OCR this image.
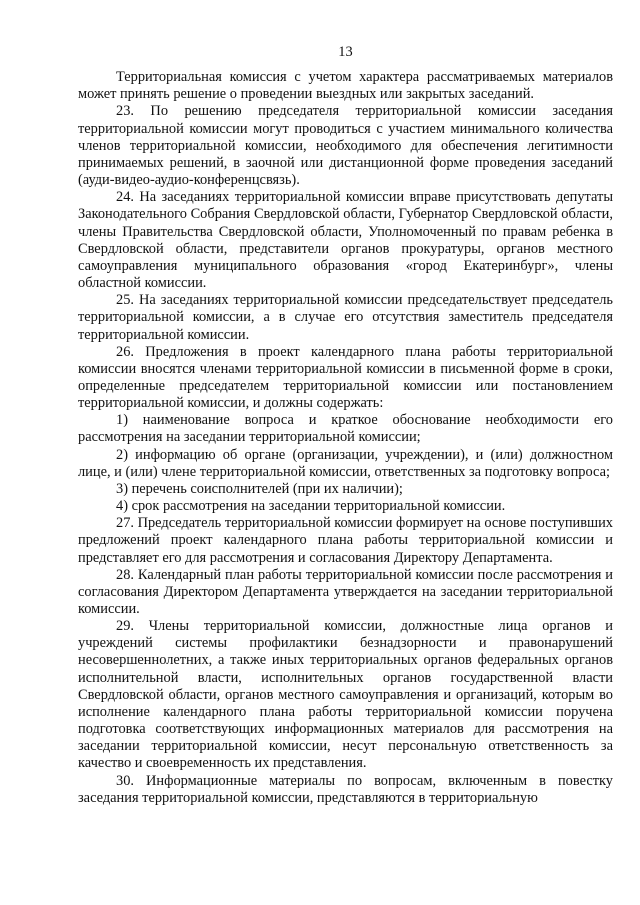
13

Территориальная комиссия с учетом характера рассматриваемых материалов может принять решение о проведении выездных или закрытых заседаний.

23. По решению председателя территориальной комиссии заседания территориальной комиссии могут проводиться с участием минимального количества членов территориальной комиссии, необходимого для обеспечения легитимности принимаемых решений, в заочной или дистанционной форме проведения заседаний (ауди-видео-аудио-конференцсвязь).

24. На заседаниях территориальной комиссии вправе присутствовать депутаты Законодательного Собрания Свердловской области, Губернатор Свердловской области, члены Правительства Свердловской области, Уполномоченный по правам ребенка в Свердловской области, представители органов прокуратуры, органов местного самоуправления муниципального образования «город Екатеринбург», члены областной комиссии.

25. На заседаниях территориальной комиссии председательствует председатель территориальной комиссии, а в случае его отсутствия заместитель председателя территориальной комиссии.

26. Предложения в проект календарного плана работы территориальной комиссии вносятся членами территориальной комиссии в письменной форме в сроки, определенные председателем территориальной комиссии или постановлением территориальной комиссии, и должны содержать:

1) наименование вопроса и краткое обоснование необходимости его рассмотрения на заседании территориальной комиссии;

2) информацию об органе (организации, учреждении), и (или) должностном лице, и (или) члене территориальной комиссии, ответственных за подготовку вопроса;

3) перечень соисполнителей (при их наличии);

4) срок рассмотрения на заседании территориальной комиссии.

27. Председатель территориальной комиссии формирует на основе поступивших предложений проект календарного плана работы территориальной комиссии и представляет его для рассмотрения и согласования Директору Департамента.

28. Календарный план работы территориальной комиссии после рассмотрения и согласования Директором Департамента утверждается на заседании территориальной комиссии.

29. Члены территориальной комиссии, должностные лица органов и учреждений системы профилактики безнадзорности и правонарушений несовершеннолетних, а также иных территориальных органов федеральных органов исполнительной власти, исполнительных органов государственной власти Свердловской области, органов местного самоуправления и организаций, которым во исполнение календарного плана работы территориальной комиссии поручена подготовка соответствующих информационных материалов для рассмотрения на заседании территориальной комиссии, несут персональную ответственность за качество и своевременность их представления.

30. Информационные материалы по вопросам, включенным в повестку заседания территориальной комиссии, представляются в территориальную
